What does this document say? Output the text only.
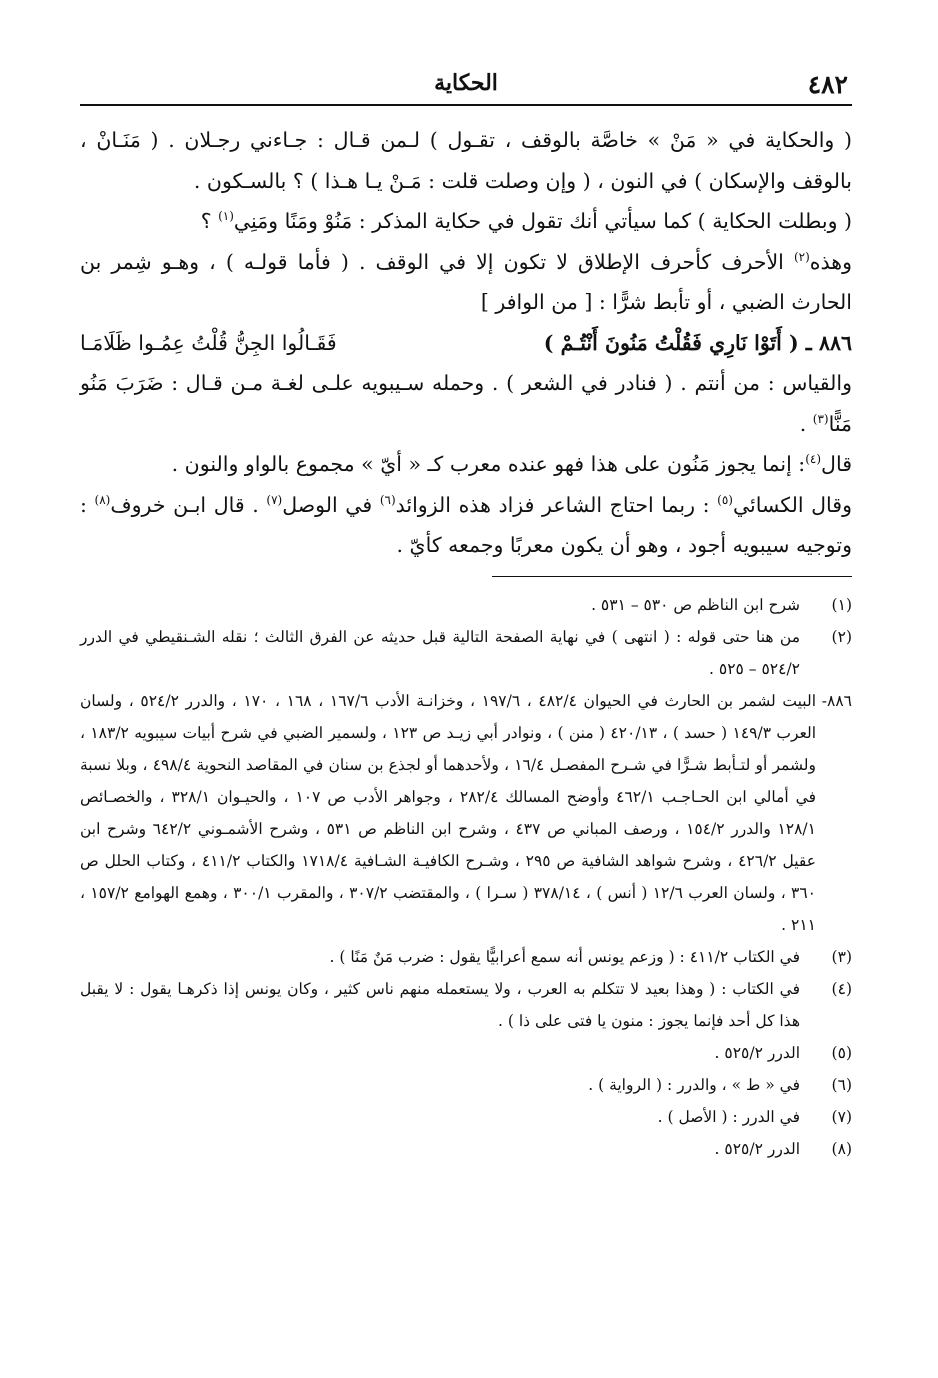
٤٨٢
الحكاية

( والحكاية في « مَنْ » خاصَّة بالوقف ، تقـول ) لـمن قـال : جـاءني رجـلان . ( مَنَـانْ ، بالوقف والإسكان ) في النون ، ( وإن وصلت قلت : مَـنْ يـا هـذا ) ؟ بالسـكون .

( وبطلت الحكاية ) كما سيأتي أنك تقول في حكاية المذكر : مَنُوْ ومَنًا ومَنِي$^{(١)}$ ؟

وهذه$^{(٢)}$ الأحرف كأحرف الإطلاق لا تكون إلا في الوقف . ( فأما قولـه ) ، وهـو شِمر بن الحارث الضبي ، أو تأبط شرًّا : [ من الوافر ]

٨٨٦ ـ ( أَتَوْا نَارِي فَقُلْتُ مَنُونَ أَنْتُـمْ )
فَقَـالُوا الجِنُّ قُلْتُ عِمُـوا ظَلَامَـا

والقياس : من أنتم . ( فنادر في الشعر ) . وحمله سـيبويه علـى لغـة مـن قـال : ضَرَبَ مَنُو مَنًّا$^{(٣)}$ .

قال$^{(٤)}$: إنما يجوز مَنُون على هذا فهو عنده معرب كـ « أيّ » مجموع بالواو والنون .

وقال الكسائي$^{(٥)}$ : ربما احتاج الشاعر فزاد هذه الزوائد$^{(٦)}$ في الوصل$^{(٧)}$ . قال ابـن خروف$^{(٨)}$ : وتوجيه سيبويه أجود ، وهو أن يكون معربًا وجمعه كأيّ .

(١)
شرح ابن الناظم ص ٥٣٠ – ٥٣١ .
(٢)
من هنا حتى قوله : ( انتهى ) في نهاية الصفحة التالية قبل حديثه عن الفرق الثالث ؛ نقله الشـنقيطي في الدرر ٥٢٤/٢ – ٥٢٥ .
٨٨٦-
البيت لشمر بن الحارث في الحيوان ٤٨٢/٤ ، ١٩٧/٦ ، وخزانـة الأدب ١٦٧/٦ ، ١٦٨ ، ١٧٠ ، والدرر ٥٢٤/٢ ، ولسان العرب ١٤٩/٣ ( حسد ) ، ٤٢٠/١٣ ( منن ) ، ونوادر أبي زيـد ص ١٢٣ ، ولسمير الضبي في شرح أبيات سيبويه ١٨٣/٢ ، ولشمر أو لتـأبط شـرًّا في شـرح المفصـل ١٦/٤ ، ولأحدهما أو لجذع بن سنان في المقاصد النحوية ٤٩٨/٤ ، وبلا نسبة في أمالي ابن الحـاجـب ٤٦٢/١ وأوضح المسالك ٢٨٢/٤ ، وجواهر الأدب ص ١٠٧ ، والحيـوان ٣٢٨/١ ، والخصـائص ١٢٨/١ والدرر ١٥٤/٢ ، ورصف المباني ص ٤٣٧ ، وشرح ابن الناظم ص ٥٣١ ، وشرح الأشمـوني ٦٤٢/٢ وشرح ابن عقيل ٤٢٦/٢ ، وشرح شواهد الشافية ص ٢٩٥ ، وشـرح الكافيـة الشـافية ١٧١٨/٤ والكتاب ٤١١/٢ ، وكتاب الحلل ص ٣٦٠ ، ولسان العرب ١٢/٦ ( أنس ) ، ٣٧٨/١٤ ( سـرا ) ، والمقتضب ٣٠٧/٢ ، والمقرب ٣٠٠/١ ، وهمع الهوامع ١٥٧/٢ ، ٢١١ .
(٣)
في الكتاب ٤١١/٢ : ( وزعم يونس أنه سمع أعرابيًّا يقول : ضرب مَنٌ مَنًا ) .
(٤)
في الكتاب : ( وهذا بعيد لا تتكلم به العرب ، ولا يستعمله منهم ناس كثير ، وكان يونس إذا ذكرهـا يقول : لا يقبل هذا كل أحد فإنما يجوز : منون يا فتى على ذا ) .
(٥)
الدرر ٥٢٥/٢ .
(٦)
في « ط » ، والدرر : ( الرواية ) .
(٧)
في الدرر : ( الأصل ) .
(٨)
الدرر ٥٢٥/٢ .
